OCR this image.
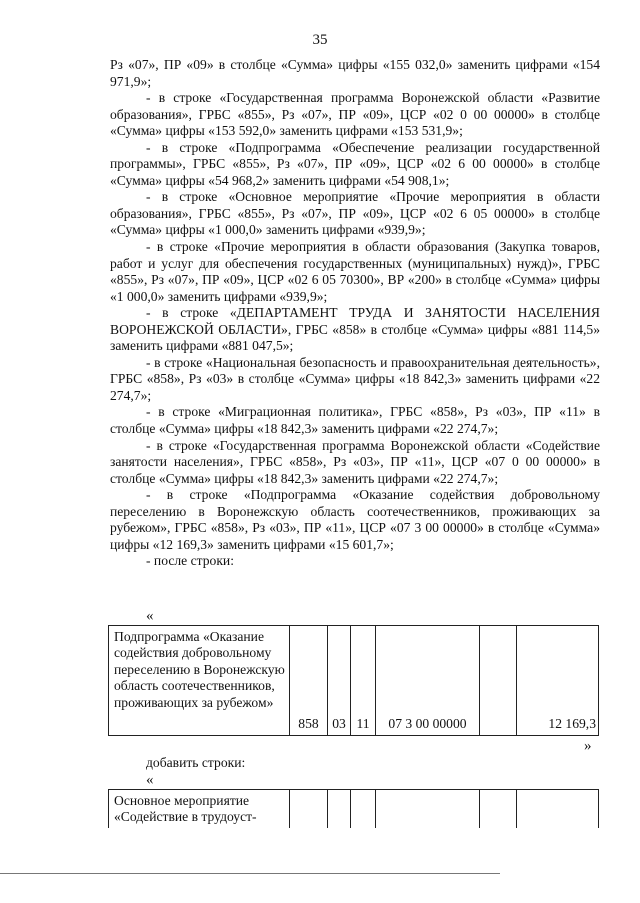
35

Рз «07», ПР «09» в столбце «Сумма» цифры «155 032,0» заменить цифрами «154 971,9»;

- в строке «Государственная программа Воронежской области «Развитие образования», ГРБС «855», Рз «07», ПР «09», ЦСР «02 0 00 00000» в столбце «Сумма» цифры «153 592,0» заменить цифрами «153 531,9»;

- в строке «Подпрограмма «Обеспечение реализации государственной программы», ГРБС «855», Рз «07», ПР «09», ЦСР «02 6 00 00000» в столбце «Сумма» цифры «54 968,2» заменить цифрами «54 908,1»;

- в строке «Основное мероприятие «Прочие мероприятия в области образования», ГРБС «855», Рз «07», ПР «09», ЦСР «02 6 05 00000» в столбце «Сумма» цифры «1 000,0» заменить цифрами «939,9»;

- в строке «Прочие мероприятия в области образования (Закупка товаров, работ и услуг для обеспечения государственных (муниципальных) нужд)», ГРБС «855», Рз «07», ПР «09», ЦСР «02 6 05 70300», ВР «200» в столбце «Сумма» цифры «1 000,0» заменить цифрами «939,9»;

- в строке «ДЕПАРТАМЕНТ ТРУДА И ЗАНЯТОСТИ НАСЕЛЕНИЯ ВОРОНЕЖСКОЙ ОБЛАСТИ», ГРБС «858» в столбце «Сумма» цифры «881 114,5» заменить цифрами «881 047,5»;

- в строке «Национальная безопасность и правоохранительная деятельность», ГРБС «858», Рз «03» в столбце «Сумма» цифры «18 842,3» заменить цифрами «22 274,7»;

- в строке «Миграционная политика», ГРБС «858», Рз «03», ПР «11» в столбце «Сумма» цифры «18 842,3» заменить цифрами «22 274,7»;

- в строке «Государственная программа Воронежской области «Содействие занятости населения», ГРБС «858», Рз «03», ПР «11», ЦСР «07 0 00 00000» в столбце «Сумма» цифры «18 842,3» заменить цифрами «22 274,7»;

- в строке «Подпрограмма «Оказание содействия добровольному переселению в Воронежскую область соотечественников, проживающих за рубежом», ГРБС «858», Рз «03», ПР «11», ЦСР «07 3 00 00000» в столбце «Сумма» цифры «12 169,3» заменить цифрами «15 601,7»;

- после строки:

«
Подпрограмма «Оказание содействия добровольному переселению в Воронежскую область соотечественников, проживающих за рубежом»	858	03	11	07 3 00 00000		12 169,3
»
добавить строки:
«
Основное мероприятие «Содействие в трудоуст-						
